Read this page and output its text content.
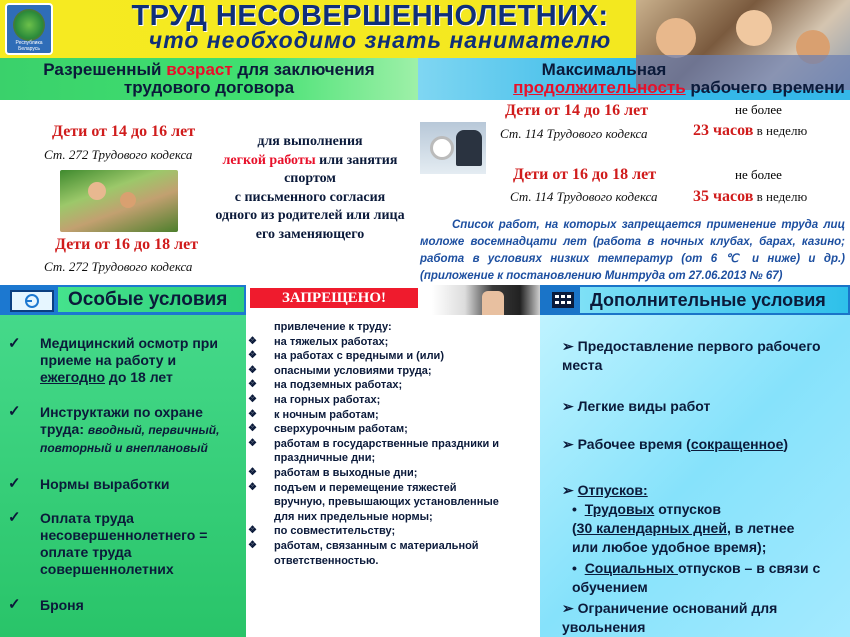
Республика Беларусь
ТРУД НЕСОВЕРШЕННОЛЕТНИХ:
что необходимо знать нанимателю
Разрешенный возраст для заключения
трудового договора
Дети от 14 до 16 лет
Ст. 272 Трудового кодекса
Дети от 16 до 18 лет
Ст. 272 Трудового кодекса
для выполнения
легкой работы или занятия
спортом
с письменного согласия
одного из родителей или лица
его заменяющего
Максимальная
продолжительность рабочего времени
Дети от 14 до 16 лет
Ст. 114 Трудового кодекса
не более
23 часов в неделю
Дети от 16 до 18 лет
Ст. 114 Трудового кодекса
не более
35 часов в неделю
Список работ, на которых запрещается применение труда лиц моложе восемнадцати лет (работа в ночных клубах, барах, казино; работа в условиях низких температур (от 6 ℃ и ниже) и др.) (приложение к постановлению Минтруда от 27.06.2013 № 67)
Особые условия	ЗАПРЕЩЕНО!	Дополнительные условия
✓ Медицинский осмотр при
приеме на работу и
ежегодно до 18 лет
✓ Инструктажи по охране
труда: вводный, первичный,
повторный и внеплановый
✓ Нормы выработки
✓ Оплата труда
несовершеннолетнего =
оплате труда
совершеннолетних
✓ Броня
привлечение к труду:
❖ на тяжелых работах;
❖ на работах с вредными и (или)
❖ опасными условиями труда;
❖ на подземных работах;
❖ на горных работах;
❖ к ночным работам;
❖ сверхурочным работам;
❖ работам в государственные праздники и
праздничные дни;
❖ работам в выходные дни;
❖ подъем и перемещение тяжестей
вручную, превышающих установленные
для них предельные нормы;
❖ по совместительству;
❖ работам, связанным с материальной
ответственностью.
➢ Предоставление первого рабочего
места
➢ Легкие виды работ
➢ Рабочее время (сокращенное)
➢ Отпусков:
•  Трудовых отпусков
(30 календарных дней, в летнее
или любое удобное время);
•  Социальных отпусков – в связи с
обучением
➢ Ограничение оснований для
увольнения
